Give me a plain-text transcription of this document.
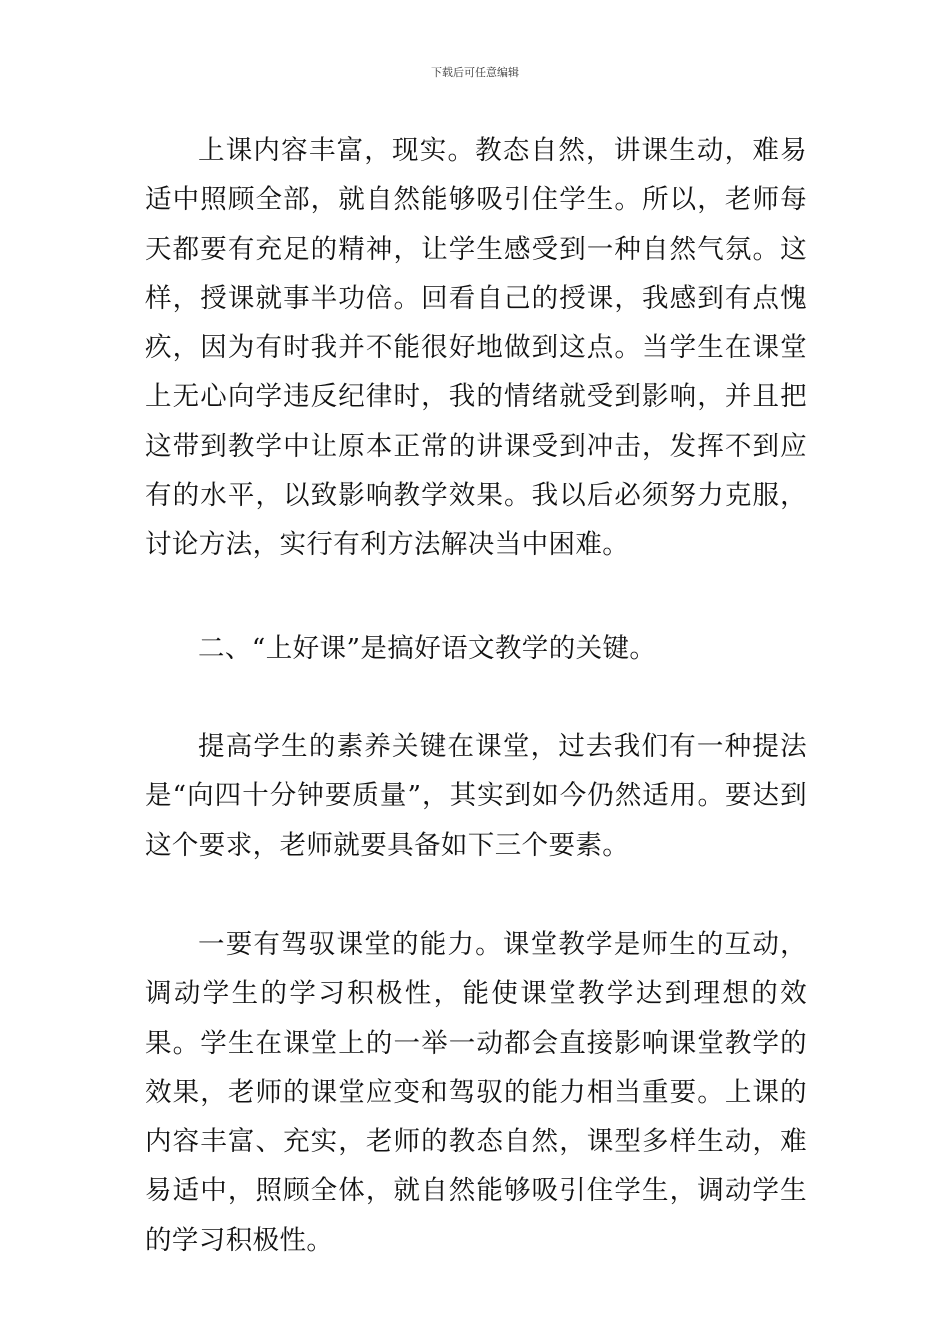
下载后可任意编辑

上课内容丰富，现实。教态自然，讲课生动，难易适中照顾全部，就自然能够吸引住学生。所以，老师每天都要有充足的精神，让学生感受到一种自然气氛。这样，授课就事半功倍。回看自己的授课，我感到有点愧疚，因为有时我并不能很好地做到这点。当学生在课堂上无心向学违反纪律时，我的情绪就受到影响，并且把这带到教学中让原本正常的讲课受到冲击，发挥不到应有的水平，以致影响教学效果。我以后必须努力克服，讨论方法，实行有利方法解决当中困难。

二、“上好课”是搞好语文教学的关键。

提高学生的素养关键在课堂，过去我们有一种提法是“向四十分钟要质量”，其实到如今仍然适用。要达到这个要求，老师就要具备如下三个要素。

一要有驾驭课堂的能力。课堂教学是师生的互动，调动学生的学习积极性，能使课堂教学达到理想的效果。学生在课堂上的一举一动都会直接影响课堂教学的效果，老师的课堂应变和驾驭的能力相当重要。上课的内容丰富、充实，老师的教态自然，课型多样生动，难易适中，照顾全体，就自然能够吸引住学生，调动学生的学习积极性。
